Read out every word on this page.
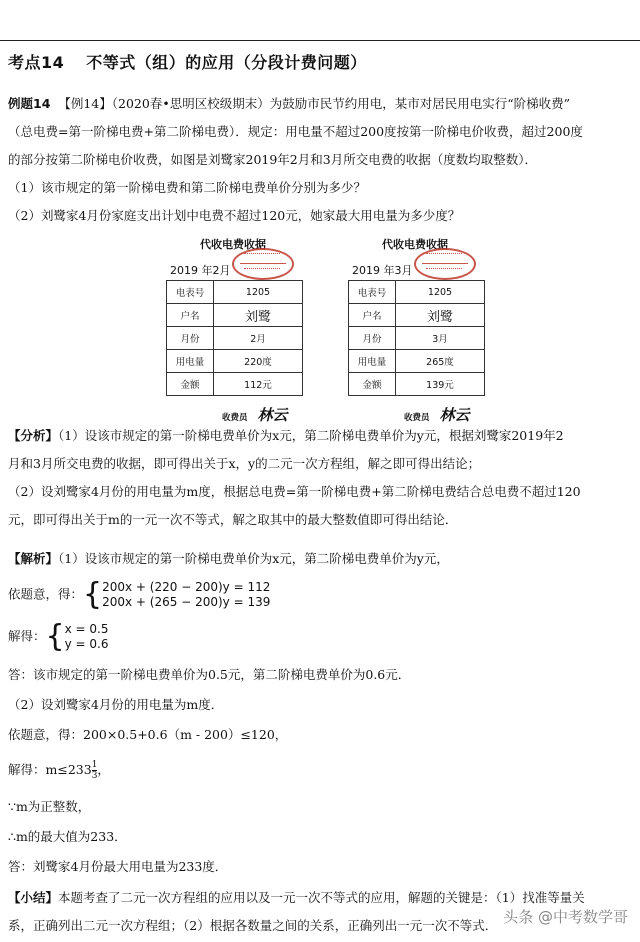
考点14 不等式（组）的应用（分段计费问题）
例题14 【例14】（2020春•思明区校级期末）为鼓励市民节约用电，某市对居民用电实行“阶梯收费”
（总电费=第一阶梯电费+第二阶梯电费）．规定：用电量不超过200度按第一阶梯电价收费，超过200度
的部分按第二阶梯电价收费，如图是刘鹭家2019年2月和3月所交电费的收据（度数均取整数）．
（1）该市规定的第一阶梯电费和第二阶梯电费单价分别为多少？
（2）刘鹭家4月份家庭支出计划中电费不超过120元，她家最大用电量为多少度？
代收电费收据
2019 年2月
电表号	1205
户名	刘鹭
月份	2月
用电量	220度
金额	112元
收费员 林云
代收电费收据
2019 年3月
电表号	1205
户名	刘鹭
月份	3月
用电量	265度
金额	139元
收费员 林云
【分析】（1）设该市规定的第一阶梯电费单价为x元，第二阶梯电费单价为y元，根据刘鹭家2019年2
月和3月所交电费的收据，即可得出关于x，y的二元一次方程组，解之即可得出结论；
（2）设刘鹭家4月份的用电量为m度，根据总电费=第一阶梯电费+第二阶梯电费结合总电费不超过120
元，即可得出关于m的一元一次不等式，解之取其中的最大整数值即可得出结论．
【解析】（1）设该市规定的第一阶梯电费单价为x元，第二阶梯电费单价为y元，
依题意，得：{ 200x + (220 − 200)y = 112
200x + (265 − 200)y = 139
解得：{ x = 0.5
y = 0.6
答：该市规定的第一阶梯电费单价为0.5元，第二阶梯电费单价为0.6元．
（2）设刘鹭家4月份的用电量为m度．
依题意，得：200×0.5+0.6（m - 200）≤120，
解得：$m\le 233 \frac{1}{3}$ ，
∵m为正整数，
∴m的最大值为233．
答：刘鹭家4月份最大用电量为233度．
【小结】本题考查了二元一次方程组的应用以及一元一次不等式的应用，解题的关键是：（1）找准等量关
系，正确列出二元一次方程组；（2）根据各数量之间的关系，正确列出一元一次不等式． 头条 @中考数学哥
